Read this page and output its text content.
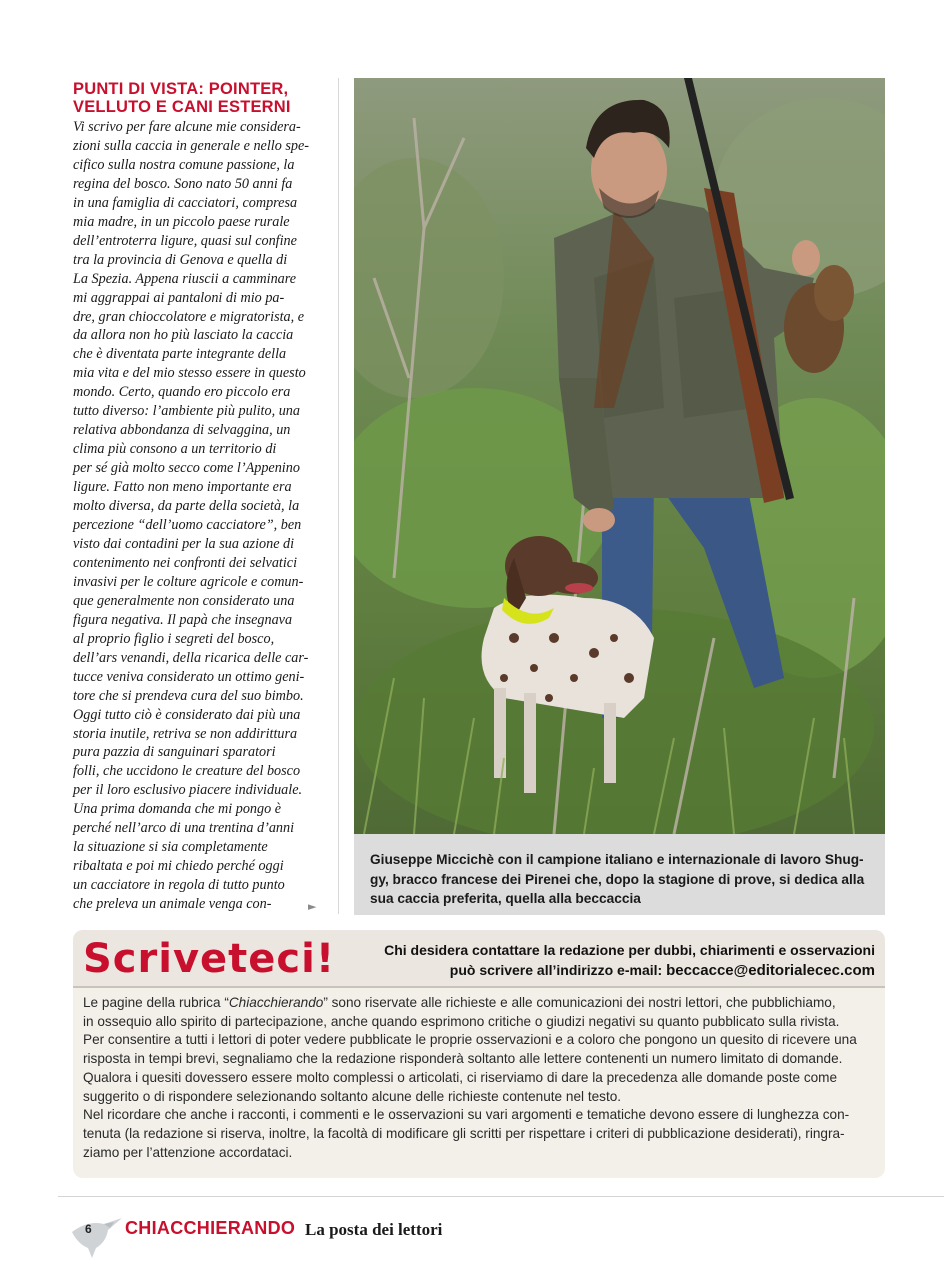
PUNTI DI VISTA: POINTER,
VELLUTO E CANI ESTERNI

Vi scrivo per fare alcune mie considera-
zioni sulla caccia in generale e nello spe-
cifico sulla nostra comune passione, la
regina del bosco. Sono nato 50 anni fa
in una famiglia di cacciatori, compresa
mia madre, in un piccolo paese rurale
dell’entroterra ligure, quasi sul confine
tra la provincia di Genova e quella di
La Spezia. Appena riuscii a camminare
mi aggrappai ai pantaloni di mio pa-
dre, gran chioccolatore e migratorista, e
da allora non ho più lasciato la caccia
che è diventata parte integrante della
mia vita e del mio stesso essere in questo
mondo. Certo, quando ero piccolo era
tutto diverso: l’ambiente più pulito, una
relativa abbondanza di selvaggina, un
clima più consono a un territorio di
per sé già molto secco come l’Appenino
ligure. Fatto non meno importante era
molto diversa, da parte della società, la
percezione “dell’uomo cacciatore”, ben
visto dai contadini per la sua azione di
contenimento nei confronti dei selvatici
invasivi per le colture agricole e comun-
que generalmente non considerato una
figura negativa. Il papà che insegnava
al proprio figlio i segreti del bosco,
dell’ars venandi, della ricarica delle car-
tucce veniva considerato un ottimo geni-
tore che si prendeva cura del suo bimbo.
Oggi tutto ciò è considerato dai più una
storia inutile, retriva se non addirittura
pura pazzia di sanguinari sparatori
folli, che uccidono le creature del bosco
per il loro esclusivo piacere individuale.
Una prima domanda che mi pongo è
perché nell’arco di una trentina d’anni
la situazione si sia completamente
ribaltata e poi mi chiedo perché oggi
un cacciatore in regola di tutto punto
che preleva un animale venga con-	►

Giuseppe Miccichè con il campione italiano e internazionale di lavoro Shug-
gy, bracco francese dei Pirenei che, dopo la stagione di prove, si dedica alla
sua caccia preferita, quella alla beccaccia

Scriveteci!	Chi desidera contattare la redazione per dubbi, chiarimenti e osservazioni
può scrivere all’indirizzo e-mail: beccacce@editorialecec.com

Le pagine della rubrica “Chiacchierando” sono riservate alle richieste e alle comunicazioni dei nostri lettori, che pubblichiamo,
in ossequio allo spirito di partecipazione, anche quando esprimono critiche o giudizi negativi su quanto pubblicato sulla rivista.
Per consentire a tutti i lettori di poter vedere pubblicate le proprie osservazioni e a coloro che pongono un quesito di ricevere una
risposta in tempi brevi, segnaliamo che la redazione risponderà soltanto alle lettere contenenti un numero limitato di domande.
Qualora i quesiti dovessero essere molto complessi o articolati, ci riserviamo di dare la precedenza alle domande poste come
suggerito o di rispondere selezionando soltanto alcune delle richieste contenute nel testo.
Nel ricordare che anche i racconti, i commenti e le osservazioni su vari argomenti e tematiche devono essere di lunghezza con-
tenuta (la redazione si riserva, inoltre, la facoltà di modificare gli scritti per rispettare i criteri di pubblicazione desiderati), ringra-
ziamo per l’attenzione accordataci.

6 CHIACCHIERANDO La posta dei lettori
